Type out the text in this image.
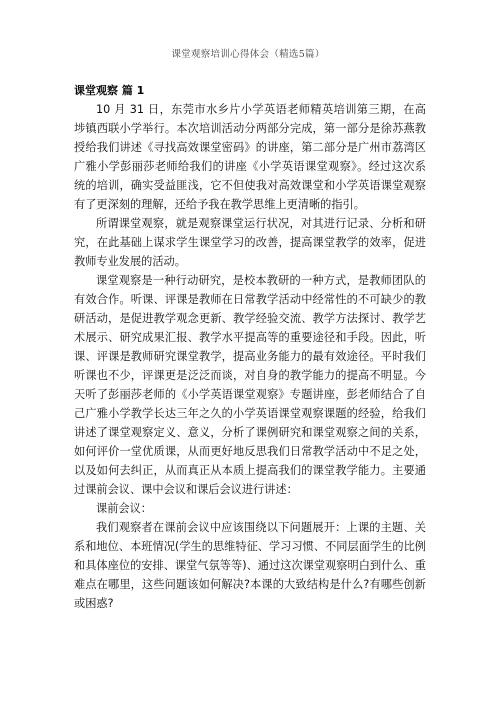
课堂观察培训心得体会（精选5篇）
课堂观察 篇 1

10 月 31 日，东莞市水乡片小学英语老师精英培训第三期，在高埗镇西联小学举行。本次培训活动分两部分完成，第一部分是徐苏燕教授给我们讲述《寻找高效课堂密码》的讲座，第二部分是广州市荔湾区广雅小学彭丽莎老师给我们的讲座《小学英语课堂观察》。经过这次系统的培训，确实受益匪浅，它不但使我对高效课堂和小学英语课堂观察有了更深刻的理解，还给予我在教学思维上更清晰的指引。

所谓课堂观察，就是观察课堂运行状况，对其进行记录、分析和研究，在此基础上谋求学生课堂学习的改善，提高课堂教学的效率，促进教师专业发展的活动。

课堂观察是一种行动研究，是校本教研的一种方式，是教师团队的有效合作。听课、评课是教师在日常教学活动中经常性的不可缺少的教研活动，是促进教学观念更新、教学经验交流、教学方法探讨、教学艺术展示、研究成果汇报、教学水平提高等的重要途径和手段。因此，听课、评课是教师研究课堂教学，提高业务能力的最有效途径。平时我们听课也不少，评课更是泛泛而谈，对自身的教学能力的提高不明显。今天听了彭丽莎老师的《小学英语课堂观察》专题讲座，彭老师结合了自己广雅小学教学长达三年之久的小学英语课堂观察课题的经验，给我们讲述了课堂观察定义、意义，分析了课例研究和课堂观察之间的关系，如何评价一堂优质课，从而更好地反思我们日常教学活动中不足之处，以及如何去纠正，从而真正从本质上提高我们的课堂教学能力。主要通过课前会议、课中会议和课后会议进行讲述：

课前会议：

我们观察者在课前会议中应该围绕以下问题展开：上课的主题、关系和地位、本班情况(学生的思维特征、学习习惯、不同层面学生的比例和具体座位的安排、课堂气氛等等)、通过这次课堂观察明白到什么、重难点在哪里，这些问题该如何解决?本课的大致结构是什么?有哪些创新或困惑?
